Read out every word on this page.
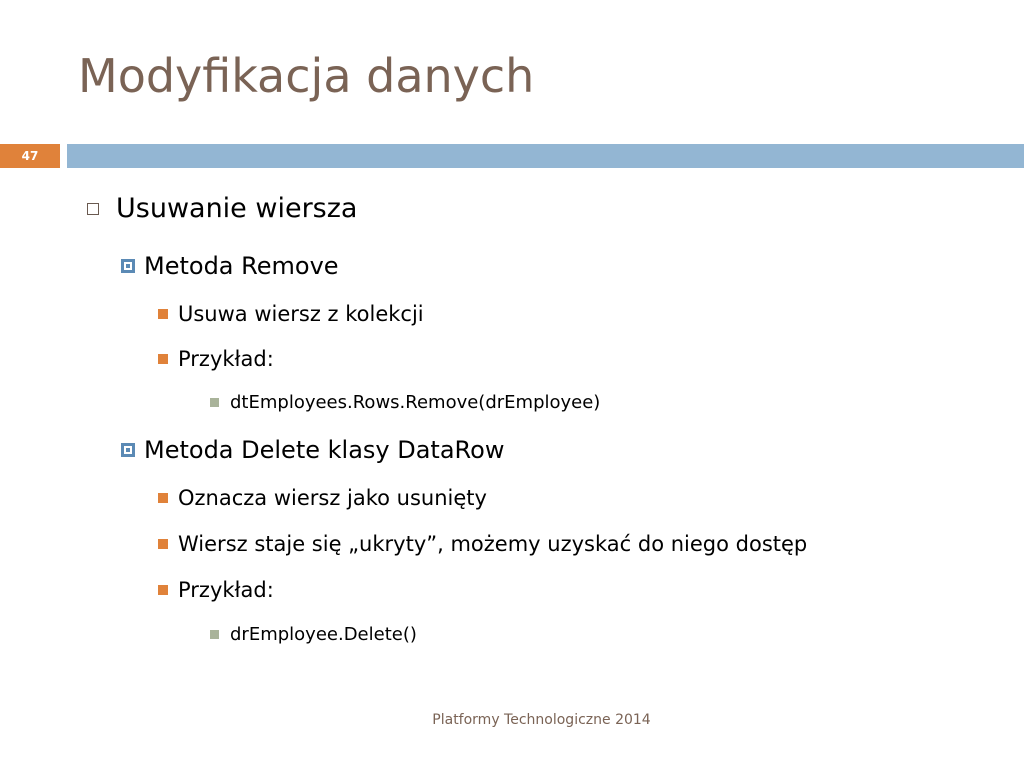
Modyfikacja danych
47
Usuwanie wiersza
Metoda Remove
Usuwa wiersz z kolekcji
Przykład:
dtEmployees.Rows.Remove(drEmployee)
Metoda Delete klasy DataRow
Oznacza wiersz jako usunięty
Wiersz staje się „ukryty”, możemy uzyskać do niego dostęp
Przykład:
drEmployee.Delete()
Platformy Technologiczne 2014
